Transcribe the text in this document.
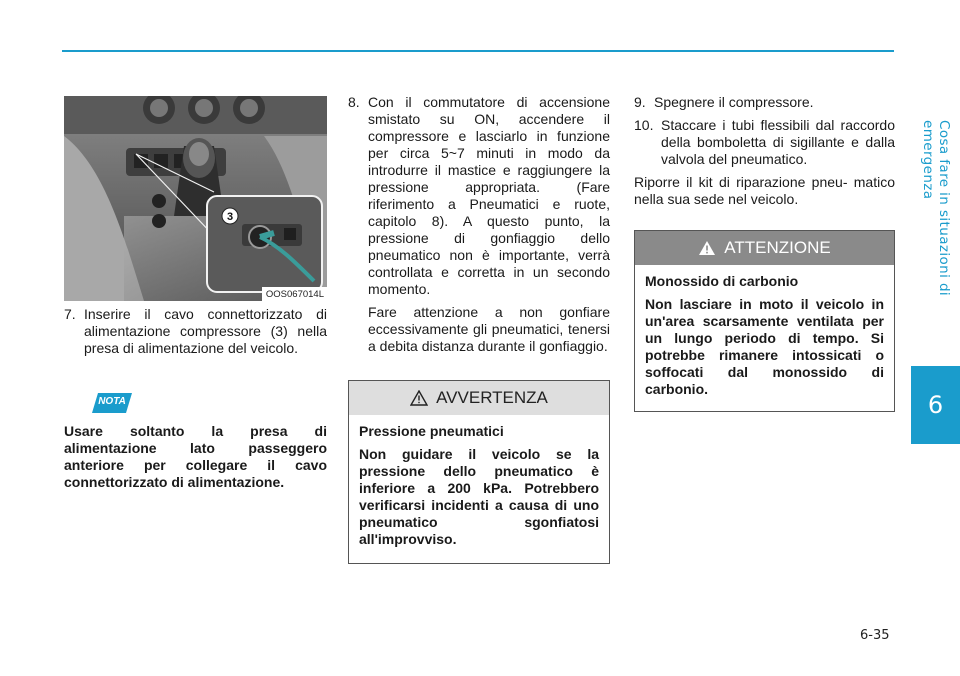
Cosa fare in situazioni di emergenza
6
3
OOS067014L
7. Inserire il cavo connettorizzato di alimentazione compressore (3) nella presa di alimentazione del veicolo.
NOTA
Usare soltanto la presa di alimentazione lato passeggero anteriore per collegare il cavo connettorizzato di alimentazione.
8. Con il commutatore di accensione smistato su ON, accendere il compressore e lasciarlo in funzione per circa 5~7 minuti in modo da introdurre il mastice e raggiungere la pressione appropriata. (Fare riferimento a Pneumatici e ruote, capitolo 8). A questo punto, la pressione di gonfiaggio dello pneumatico non è importante, verrà controllata e corretta in un secondo momento.
Fare attenzione a non gonfiare eccessivamente gli pneumatici, tenersi a debita distanza durante il gonfiaggio.
AVVERTENZA

Pressione pneumatici

Non guidare il veicolo se la pressione dello pneumatico è inferiore a 200 kPa. Potrebbero verificarsi incidenti a causa di uno pneumatico sgonfiatosi all'improvviso.

9. Spegnere il compressore.
10. Staccare i tubi flessibili dal raccordo della bomboletta di sigillante e dalla valvola del pneumatico.
Riporre il kit di riparazione pneu- matico nella sua sede nel veicolo.
ATTENZIONE

Monossido di carbonio

Non lasciare in moto il veicolo in un'area scarsamente ventilata per un lungo periodo di tempo. Si potrebbe rimanere intossicati o soffocati dal monossido di carbonio.

6-35
